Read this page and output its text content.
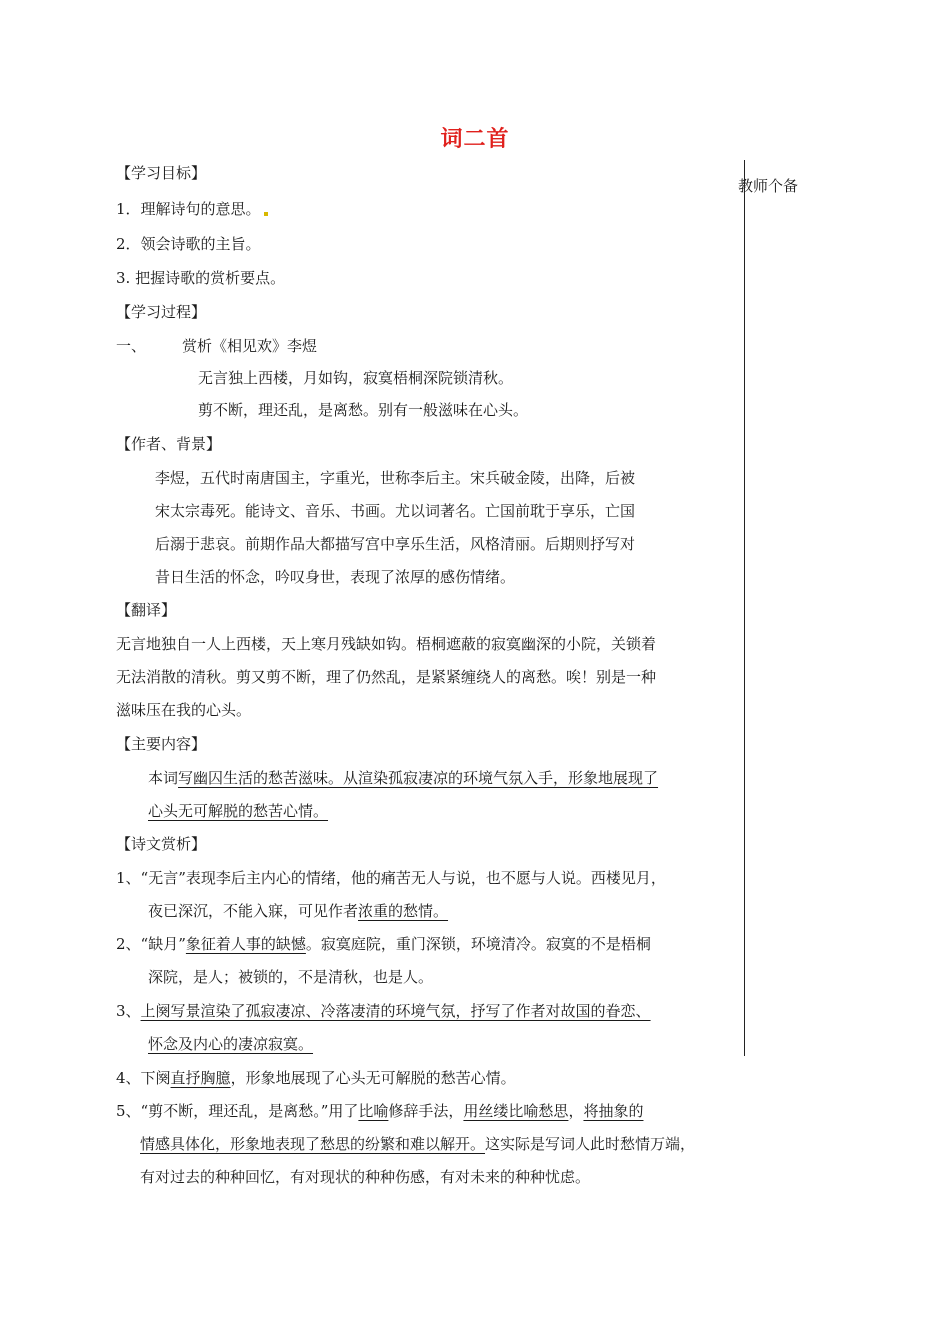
词二首
教师个备
【学习目标】
1．理解诗句的意思。
2．领会诗歌的主旨。
3. 把握诗歌的赏析要点。
【学习过程】
一、 赏析《相见欢》李煜
无言独上西楼，月如钩，寂寞梧桐深院锁清秋。
剪不断，理还乱，是离愁。别有一般滋味在心头。
【作者、背景】
李煜，五代时南唐国主，字重光，世称李后主。宋兵破金陵，出降，后被
宋太宗毒死。能诗文、音乐、书画。尤以词著名。亡国前耽于享乐，亡国
后溺于悲哀。前期作品大都描写宫中享乐生活，风格清丽。后期则抒写对
昔日生活的怀念，吟叹身世，表现了浓厚的感伤情绪。
【翻译】
无言地独自一人上西楼，天上寒月残缺如钩。梧桐遮蔽的寂寞幽深的小院，关锁着
无法消散的清秋。剪又剪不断，理了仍然乱，是紧紧缠绕人的离愁。唉！别是一种
滋味压在我的心头。
【主要内容】
本词写幽囚生活的愁苦滋味。从渲染孤寂凄凉的环境气氛入手，形象地展现了
心头无可解脱的愁苦心情。
【诗文赏析】
1、“无言”表现李后主内心的情绪，他的痛苦无人与说，也不愿与人说。西楼见月，
夜已深沉，不能入寐，可见作者浓重的愁情。
2、“缺月”象征着人事的缺憾。寂寞庭院，重门深锁，环境清冷。寂寞的不是梧桐
深院，是人；被锁的，不是清秋，也是人。
3、上阕写景渲染了孤寂凄凉、冷落凄清的环境气氛，抒写了作者对故国的眷恋、
怀念及内心的凄凉寂寞。
4、下阕直抒胸臆，形象地展现了心头无可解脱的愁苦心情。
5、“剪不断，理还乱，是离愁。”用了比喻修辞手法，用丝缕比喻愁思，将抽象的
情感具体化，形象地表现了愁思的纷繁和难以解开。这实际是写词人此时愁情万端，
有对过去的种种回忆，有对现状的种种伤感，有对未来的种种忧虑。
